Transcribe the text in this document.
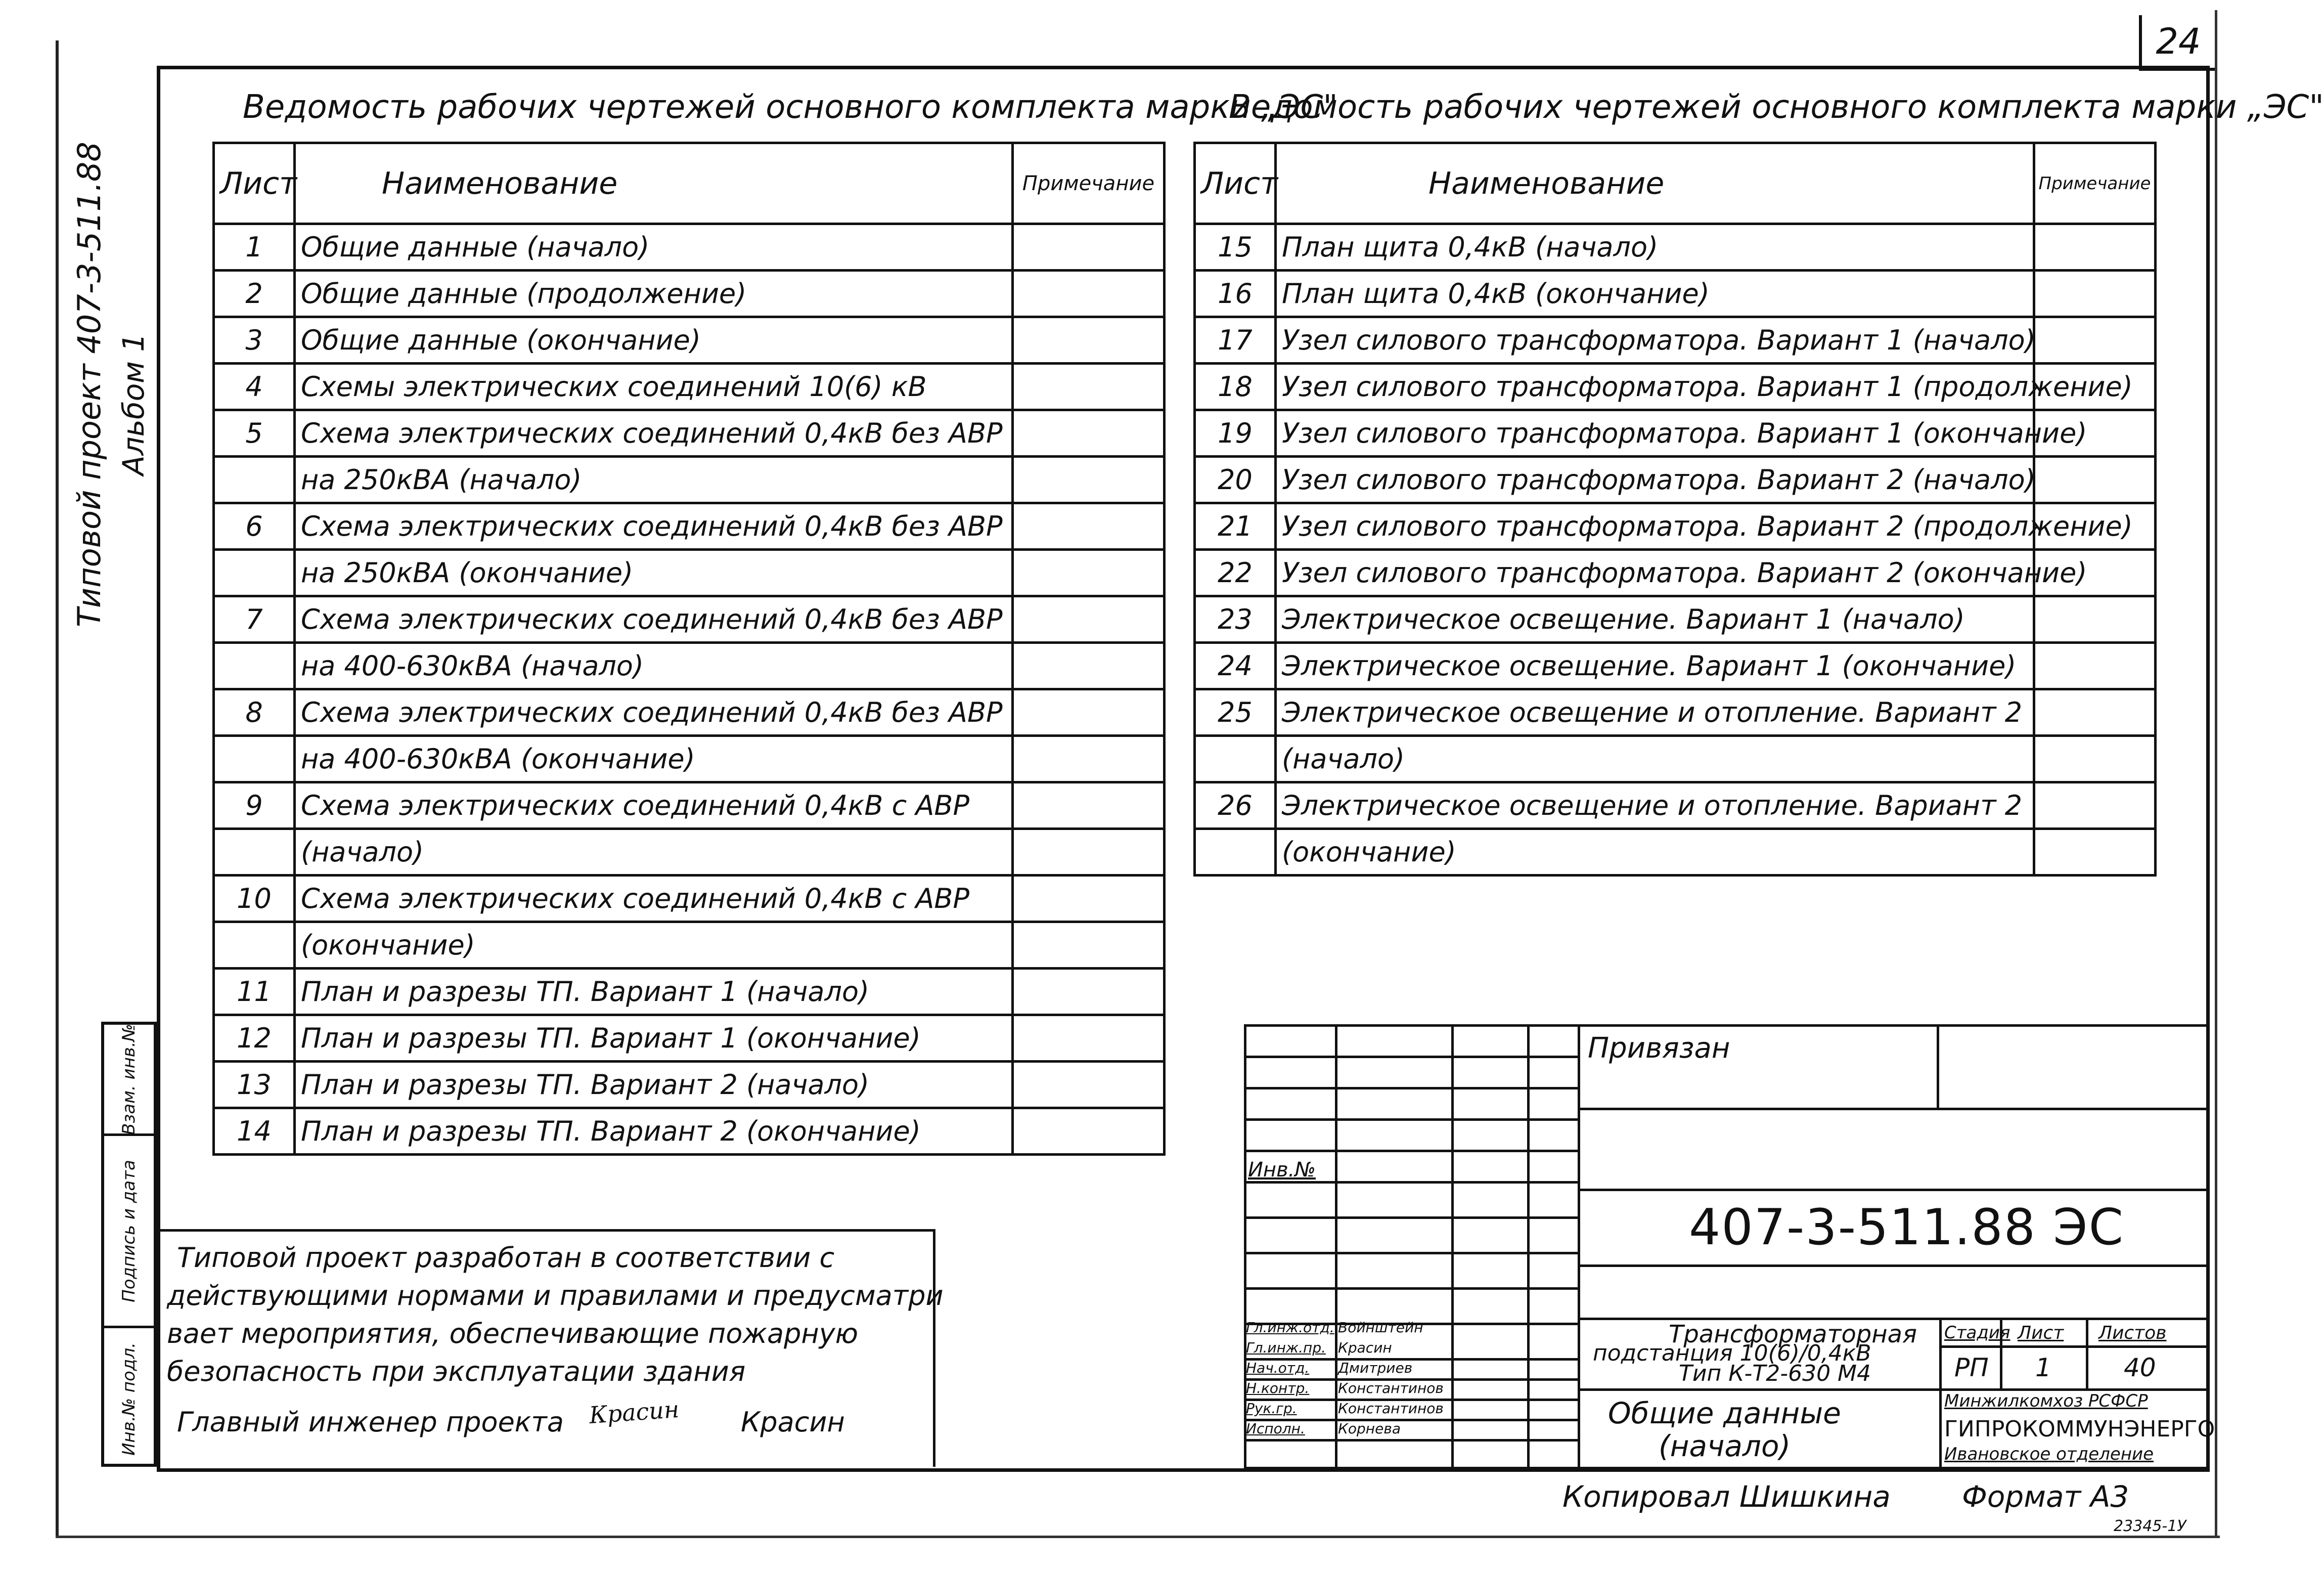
24
Типовой проект 407-3-511.88 Альбом 1
Инв.№ подл.
Подпись и дата
Взам. инв.№
Ведомость рабочих чертежей основного комплекта марки „ЭС"
Ведомость рабочих чертежей основного комплекта марки „ЭС"
Лист	Наименование	Примечание
1	Общие данные (начало)	
2	Общие данные (продолжение)	
3	Общие данные (окончание)	
4	Схемы электрических соединений 10(6) кВ	
5	Схема электрических соединений 0,4кВ без АВР	
	на 250кВА (начало)	
6	Схема электрических соединений 0,4кВ без АВР	
	на 250кВА (окончание)	
7	Схема электрических соединений 0,4кВ без АВР	
	на 400-630кВА (начало)	
8	Схема электрических соединений 0,4кВ без АВР	
	на 400-630кВА (окончание)	
9	Схема электрических соединений 0,4кВ с АВР	
	(начало)	
10	Схема электрических соединений 0,4кВ с АВР	
	(окончание)	
11	План и разрезы ТП. Вариант 1 (начало)	
12	План и разрезы ТП. Вариант 1 (окончание)	
13	План и разрезы ТП. Вариант 2 (начало)	
14	План и разрезы ТП. Вариант 2 (окончание)	
Лист	Наименование	Примечание
15	План щита 0,4кВ (начало)	
16	План щита 0,4кВ (окончание)	
17	Узел силового трансформатора. Вариант 1 (начало)	
18	Узел силового трансформатора. Вариант 1 (продолжение)	
19	Узел силового трансформатора. Вариант 1 (окончание)	
20	Узел силового трансформатора. Вариант 2 (начало)	
21	Узел силового трансформатора. Вариант 2 (продолжение)	
22	Узел силового трансформатора. Вариант 2 (окончание)	
23	Электрическое освещение. Вариант 1 (начало)	
24	Электрическое освещение. Вариант 1 (окончание)	
25	Электрическое освещение и отопление. Вариант 2	
	(начало)	
26	Электрическое освещение и отопление. Вариант 2	
	(окончание)	
Типовой проект разработан в соответствии с
действующими нормами и правилами и предусматри
вает мероприятия, обеспечивающие пожарную
безопасность при эксплуатации здания
Главный инженер проекта Красин Красин
Привязан
Инв.№
407-3-511.88 ЭС
Гл.инж.отд. Войнштейн
Гл.инж.пр. Красин
Нач.отд. Дмитриев
Н.контр. Константинов
Рук.гр.	Константинов
Исполн. Корнева
Трансформаторная
подстанция 10(6)/0,4кВ
Тип К-Т2-630 М4
Общие данные
(начало)
Стадия Лист Листов
РП 1	40
Минжилкомхоз РСФСР
ГИПРОКОММУНЭНЕРГО
Ивановское отделение
Копировал Шишкина Формат А3
23345-1У
